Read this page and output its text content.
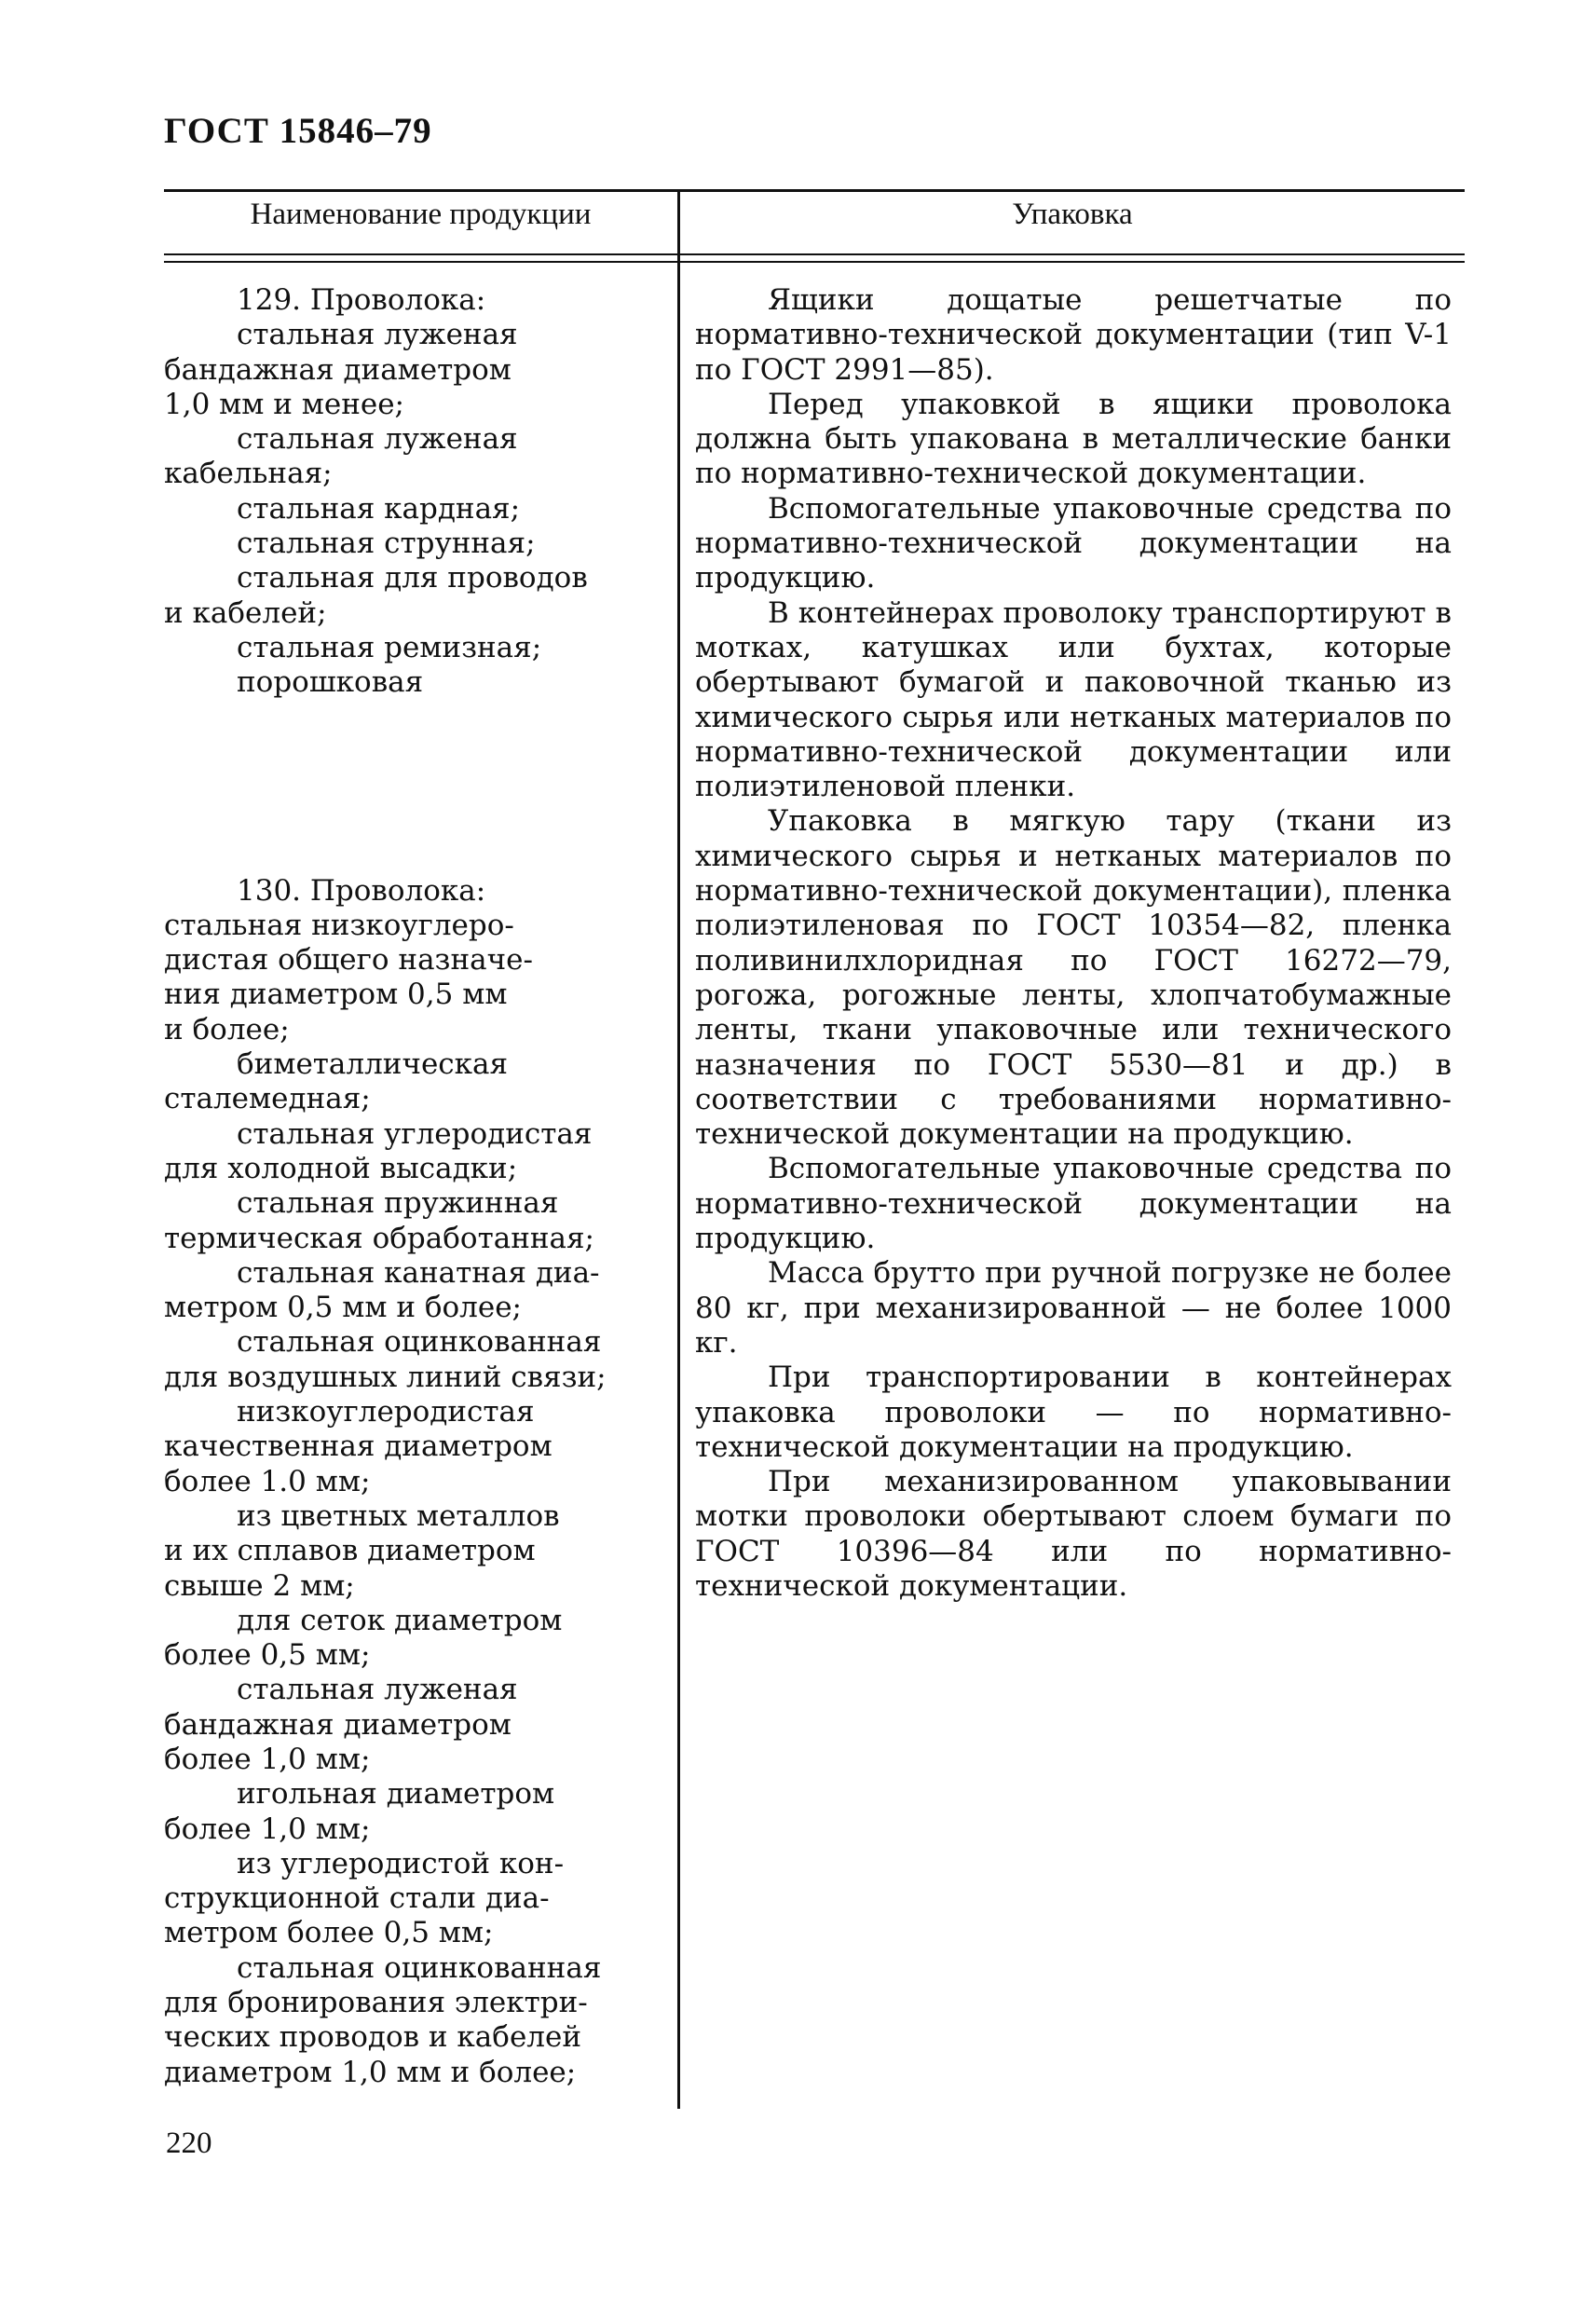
ГОСТ 15846–79
Наименование продукции	Упаковка
129. Проволока:
стальная луженая
бандажная диаметром
1,0 мм и менее;
стальная луженая
кабельная;
стальная кардная;
стальная струнная;
стальная для проводов
и кабелей;
стальная ремизная;
порошковая
130. Проволока:
стальная низкоуглеро-
дистая общего назначе-
ния диаметром 0,5 мм
и более;
биметаллическая
сталемедная;
стальная углеродистая
для холодной высадки;
стальная пружинная
термическая обработанная;
стальная канатная диа-
метром 0,5 мм и более;
стальная оцинкованная
для воздушных линий связи;
низкоуглеродистая
качественная диаметром
более 1.0 мм;
из цветных металлов
и их сплавов диаметром
свыше 2 мм;
для сеток диаметром
более 0,5 мм;
стальная луженая
бандажная диаметром
более 1,0 мм;
игольная диаметром
более 1,0 мм;
из углеродистой кон-
струкционной стали диа-
метром более 0,5 мм;
стальная оцинкованная
для бронирования электри-
ческих проводов и кабелей
диаметром 1,0 мм и более;

Ящики дощатые решетчатые по нормативно-технической документации (тип V-1 по ГОСТ 2991—85).

Перед упаковкой в ящики проволока должна быть упакована в металлические банки по нормативно-технической документации.

Вспомогательные упаковочные средства по нормативно-технической документации на продукцию.

В контейнерах проволоку транспортируют в мотках, катушках или бухтах, которые обертывают бумагой и паковочной тканью из химического сырья или нетканых материалов по нормативно-технической документации или полиэтиленовой пленки.

Упаковка в мягкую тару (ткани из химического сырья и нетканых материалов по нормативно-технической документации), пленка полиэтиленовая по ГОСТ 10354—82, пленка поливинилхлоридная по ГОСТ 16272—79, рогожа, рогожные ленты, хлопчатобумажные ленты, ткани упаковочные или технического назначения по ГОСТ 5530—81 и др.) в соответствии с требованиями нормативно-технической документации на продукцию.

Вспомогательные упаковочные средства по нормативно-технической документации на продукцию.

Масса брутто при ручной погрузке не более 80 кг, при механизированной — не более 1000 кг.

При транспортировании в контейнерах упаковка проволоки — по нормативно-технической документации на продукцию.

При механизированном упаковывании мотки проволоки обертывают слоем бумаги по ГОСТ 10396—84 или по нормативно-технической документации.

220
